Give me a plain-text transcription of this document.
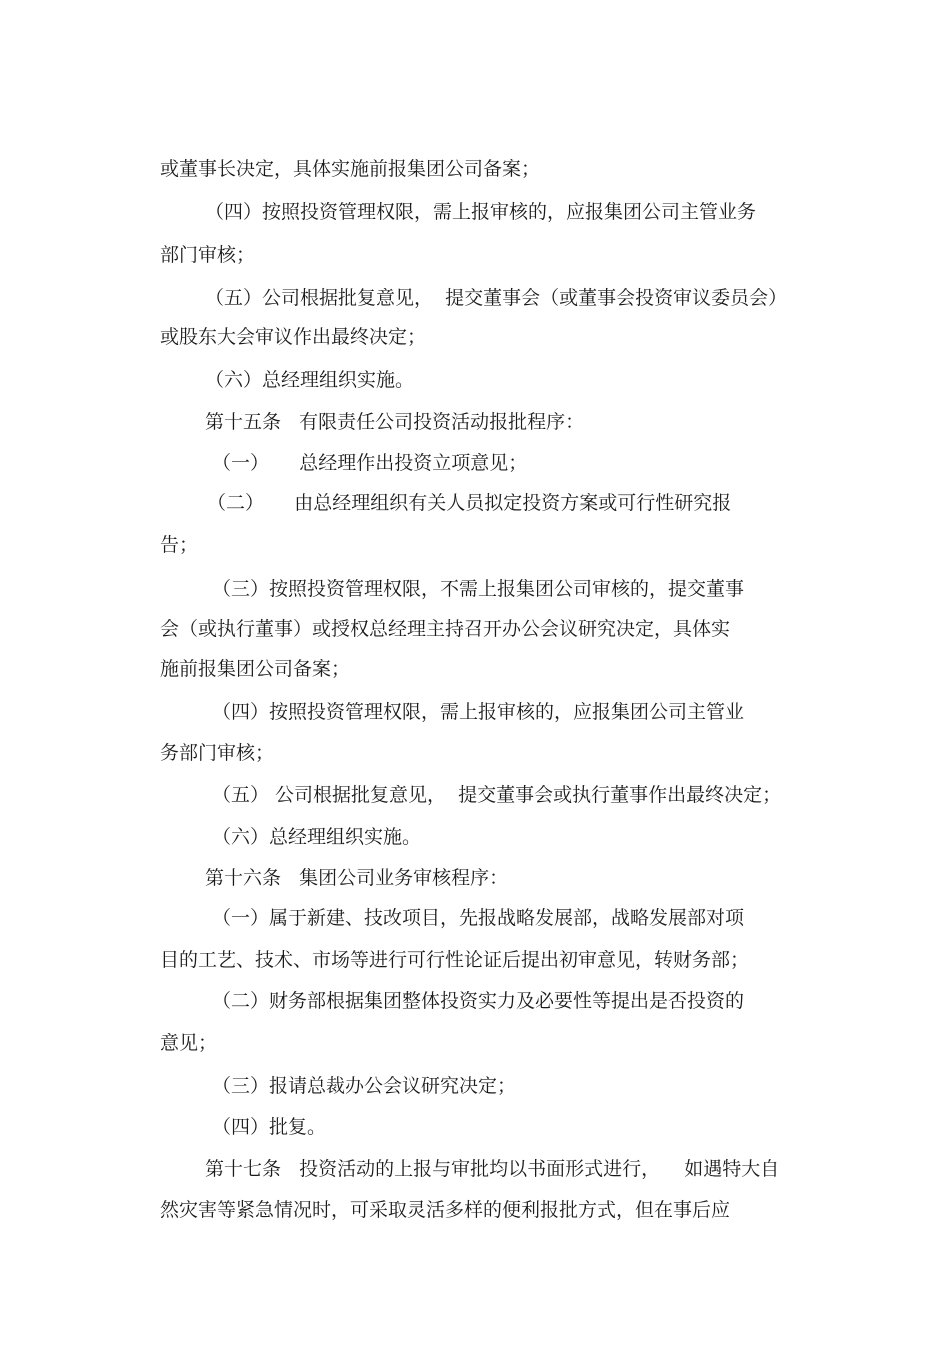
或董事长决定，具体实施前报集团公司备案；
（四）按照投资管理权限，需上报审核的，应报集团公司主管业务
部门审核；
（五）公司根据批复意见，  提交董事会（或董事会投资审议委员会）
或股东大会审议作出最终决定；
（六）总经理组织实施。
第十五条   有限责任公司投资活动报批程序：
（一）     总经理作出投资立项意见；
（二）     由总经理组织有关人员拟定投资方案或可行性研究报
告；
（三）按照投资管理权限，不需上报集团公司审核的，提交董事
会（或执行董事）或授权总经理主持召开办公会议研究决定，具体实
施前报集团公司备案；
（四）按照投资管理权限，需上报审核的，应报集团公司主管业
务部门审核；
（五） 公司根据批复意见，  提交董事会或执行董事作出最终决定；
（六）总经理组织实施。
第十六条   集团公司业务审核程序：
（一）属于新建、技改项目，先报战略发展部，战略发展部对项
目的工艺、技术、市场等进行可行性论证后提出初审意见，转财务部；
（二）财务部根据集团整体投资实力及必要性等提出是否投资的
意见；
（三）报请总裁办公会议研究决定；
（四）批复。
第十七条   投资活动的上报与审批均以书面形式进行，    如遇特大自
然灾害等紧急情况时，可采取灵活多样的便利报批方式，但在事后应
